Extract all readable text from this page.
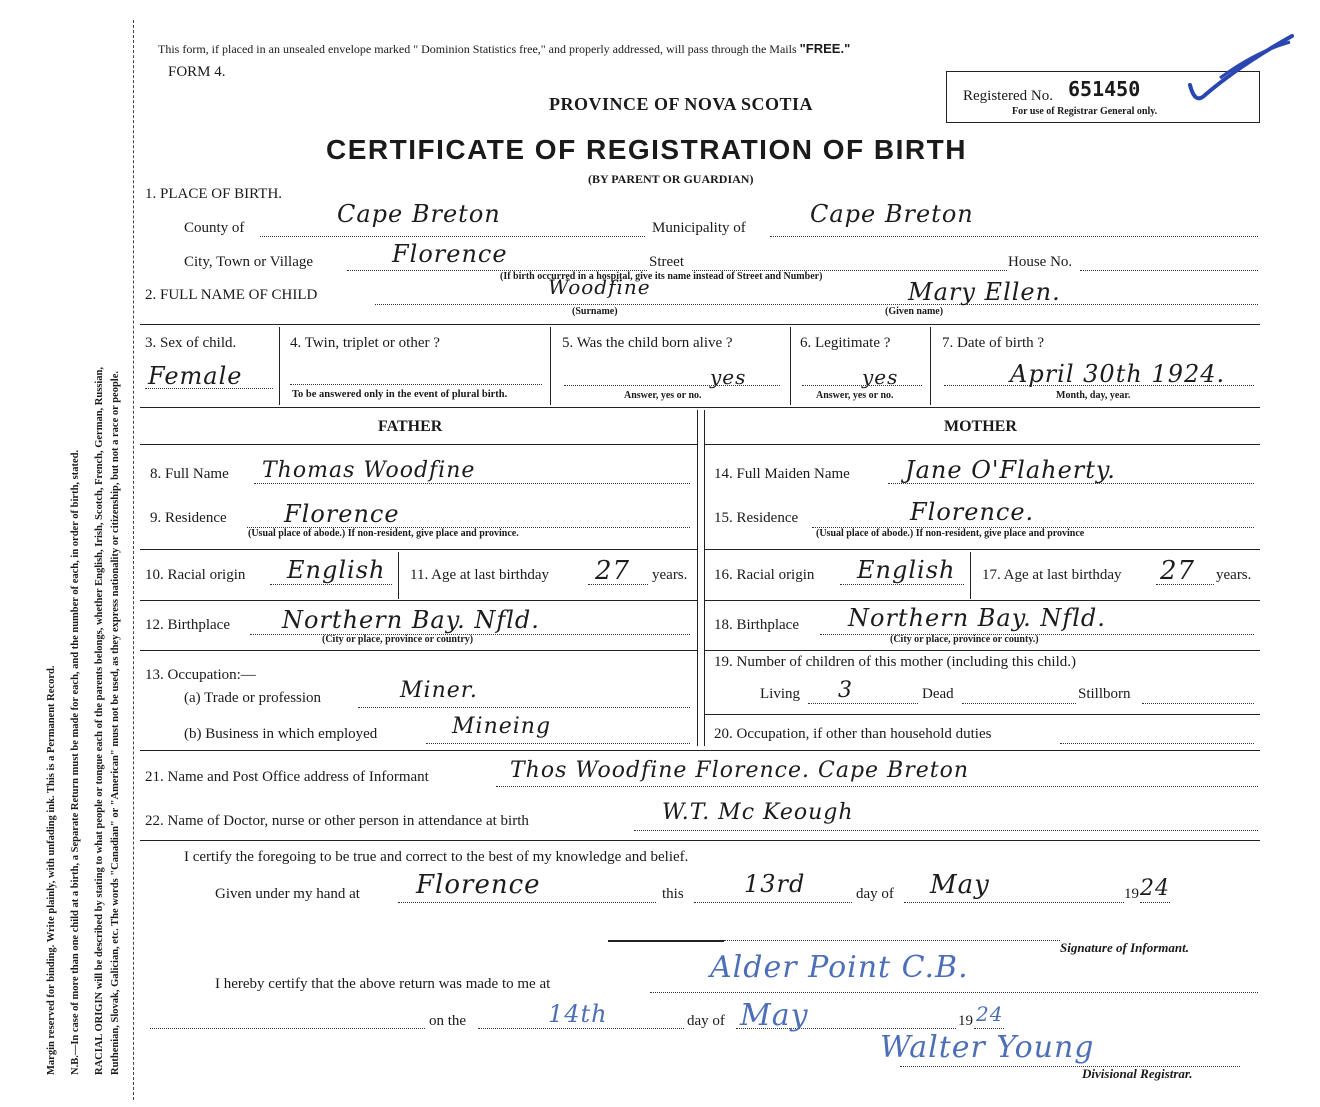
Margin reserved for binding. Write plainly, with unfading ink. This is a Permanent Record. N.B.—In case of more than one child at a birth, a Separate Return must be made for each, and the number of each, in order of birth, stated. RACIAL ORIGIN will be described by stating to what people or tongue each of the parents belongs, whether English, Irish, Scotch, French, German, Russian, Ruthenian, Slovak, Galician, etc. The words "Canadian" or "American" must not be used, as they express nationality or citizenship, but not a race or people.
This form, if placed in an unsealed envelope marked " Dominion Statistics free," and properly addressed, will pass through the Mails "FREE."
FORM 4.
PROVINCE OF NOVA SCOTIA
CERTIFICATE OF REGISTRATION OF BIRTH
(BY PARENT OR GUARDIAN)
Registered No. 651450
For use of Registrar General only.
1. PLACE OF BIRTH.
County of	Cape Breton	Municipality of	Cape Breton
City, Town or Village	Florence	Street	House No.
(If birth occurred in a hospital, give its name instead of Street and Number)
2. FULL NAME OF CHILD	Woodfine	Mary Ellen.
(Surname)	(Given name)
3. Sex of child.
Female
4. Twin, triplet or other ?
To be answered only in the event of plural birth.
5. Was the child born alive ?
yes
Answer, yes or no.
6. Legitimate ?
yes
Answer, yes or no.
7. Date of birth ?
April 30th 1924.
Month, day, year.
FATHER	MOTHER
8. Full Name Thomas Woodfine
9. Residence Florence
(Usual place of abode.) If non-resident, give place and province.
10. Racial origin English 11. Age at last birthday 27 years.
12. Birthplace Northern Bay. Nfld.
(City or place, province or country)
13. Occupation:—
(a) Trade or profession	Miner.
(b) Business in which employed	Mineing
14. Full Maiden Name Jane O'Flaherty.
15. Residence	Florence.
(Usual place of abode.) If non-resident, give place and province
16. Racial origin English 17. Age at last birthday 27 years.
18. Birthplace Northern Bay. Nfld.
(City or place, province or county.)
19. Number of children of this mother (including this child.)
Living 3	Dead	Stillborn
20. Occupation, if other than household duties
21. Name and Post Office address of Informant	Thos Woodfine Florence. Cape Breton
22. Name of Doctor, nurse or other person in attendance at birth	W.T. Mc Keough
I certify the foregoing to be true and correct to the best of my knowledge and belief.
Given under my hand at Florence	this	13rd	day of May	19 24
Signature of Informant.
I hereby certify that the above return was made to me at	Alder Point C.B.
on the	14th	day of May	19 24
Walter Young
Divisional Registrar.
